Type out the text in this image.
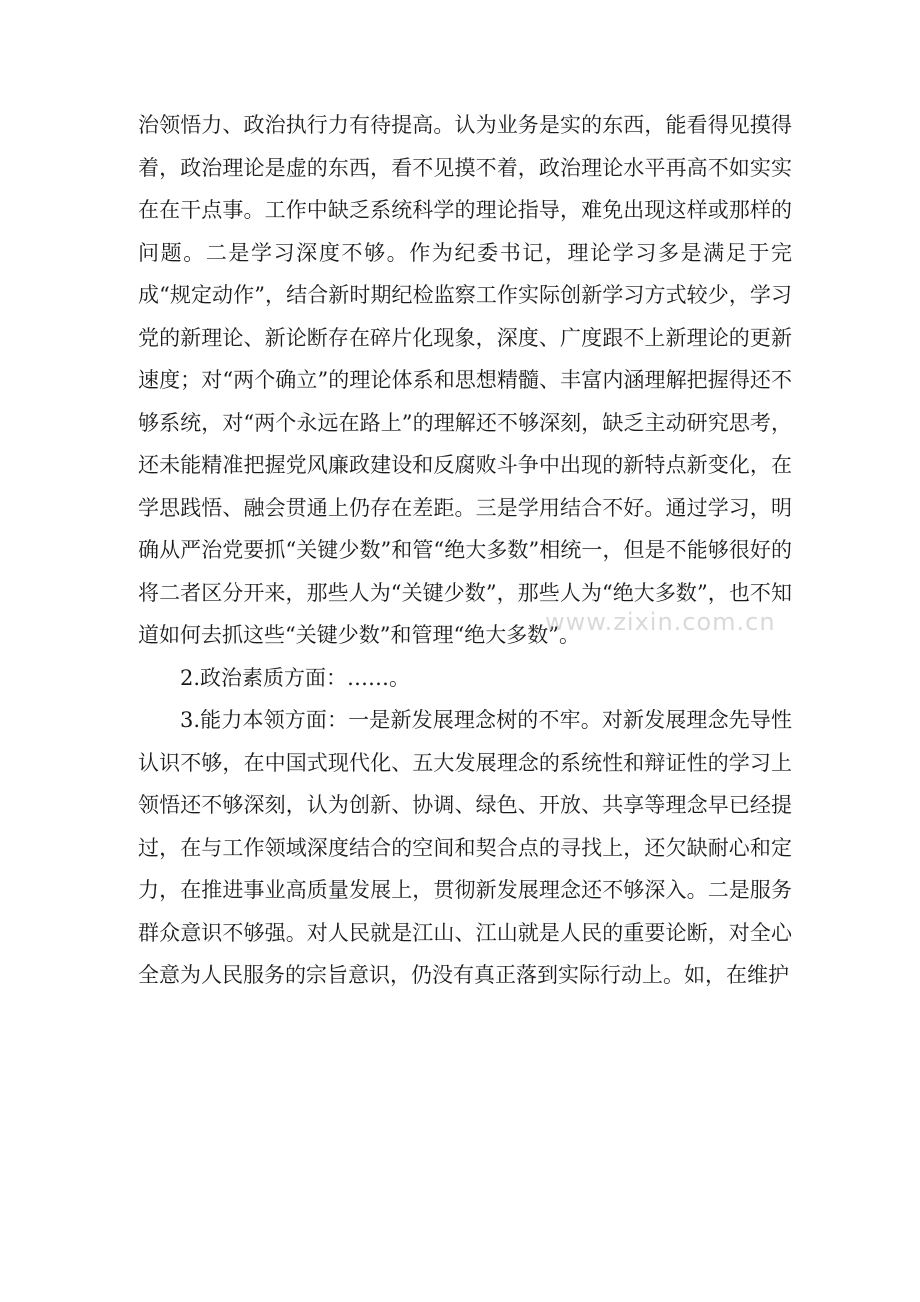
治领悟力、政治执行力有待提高。认为业务是实的东西，能看得见摸得着，政治理论是虚的东西，看不见摸不着，政治理论水平再高不如实实在在干点事。工作中缺乏系统科学的理论指导，难免出现这样或那样的问题。二是学习深度不够。作为纪委书记，理论学习多是满足于完成“规定动作”，结合新时期纪检监察工作实际创新学习方式较少，学习党的新理论、新论断存在碎片化现象，深度、广度跟不上新理论的更新速度；对“两个确立”的理论体系和思想精髓、丰富内涵理解把握得还不够系统，对“两个永远在路上”的理解还不够深刻，缺乏主动研究思考，还未能精准把握党风廉政建设和反腐败斗争中出现的新特点新变化，在学思践悟、融会贯通上仍存在差距。三是学用结合不好。通过学习，明确从严治党要抓“关键少数”和管“绝大多数”相统一，但是不能够很好的将二者区分开来，那些人为“关键少数”，那些人为“绝大多数”，也不知道如何去抓这些“关键少数”和管理“绝大多数”。

2.政治素质方面：……。

3.能力本领方面：一是新发展理念树的不牢。对新发展理念先导性认识不够，在中国式现代化、五大发展理念的系统性和辩证性的学习上领悟还不够深刻，认为创新、协调、绿色、开放、共享等理念早已经提过，在与工作领域深度结合的空间和契合点的寻找上，还欠缺耐心和定力，在推进事业高质量发展上，贯彻新发展理念还不够深入。二是服务群众意识不够强。对人民就是江山、江山就是人民的重要论断，对全心全意为人民服务的宗旨意识，仍没有真正落到实际行动上。如，在维护

www.zixin.com.cn
